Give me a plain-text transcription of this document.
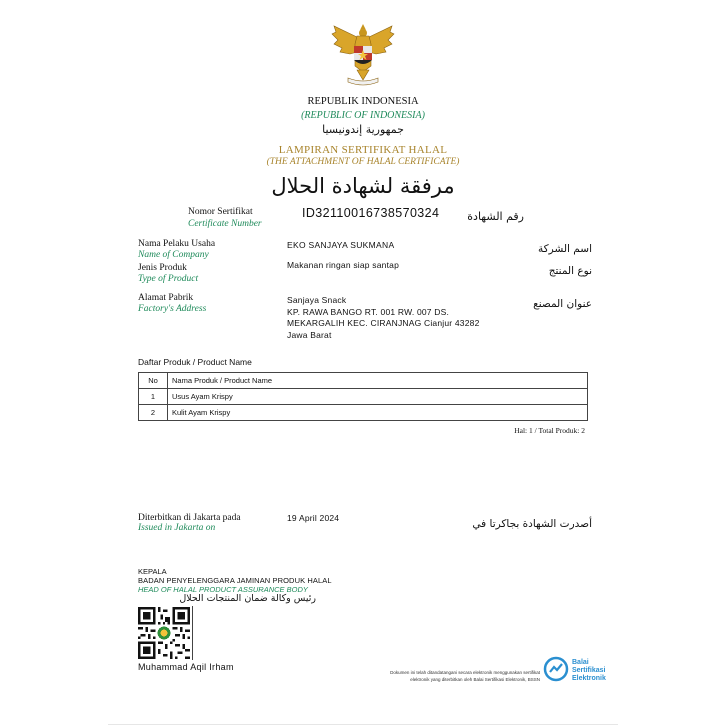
REPUBLIK INDONESIA
(REPUBLIC OF INDONESIA)
جمهورية إندونيسيا
LAMPIRAN SERTIFIKAT HALAL
(THE ATTACHMENT OF HALAL CERTIFICATE)
مرفقة لشهادة الحلال
Nomor Sertifikat
Certificate Number
ID32110016738570324	رقم الشهادة
Nama Pelaku Usaha
Name of Company
EKO SANJAYA SUKMANA	اسم الشركة
Jenis Produk
Type of Product
Makanan ringan siap santap	نوع المنتج
Alamat Pabrik
Factory's Address
Sanjaya Snack
KP. RAWA BANGO RT. 001 RW. 007 DS.
MEKARGALIH KEC. CIRANJNAG Cianjur 43282
Jawa Barat
عنوان المصنع
Daftar Produk / Product Name
No	Nama Produk / Product Name
1	Usus Ayam Krispy
2	Kulit Ayam Krispy
Hal: 1 / Total Produk: 2
Diterbitkan di Jakarta pada
Issued in Jakarta on
19 April 2024	أصدرت الشهادة بجاكرتا في
KEPALA
BADAN PENYELENGGARA JAMINAN PRODUK HALAL
HEAD OF HALAL PRODUCT ASSURANCE BODY
رئيس وكالة ضمان المنتجات الحلال
Muhammad Aqil Irham
Dokumen ini telah ditandatangani secara elektronik menggunakan sertifikat
elektronik yang diterbitkan oleh Balai Sertifikasi Elektronik, BSSN
Balai
Sertifikasi
Elektronik
